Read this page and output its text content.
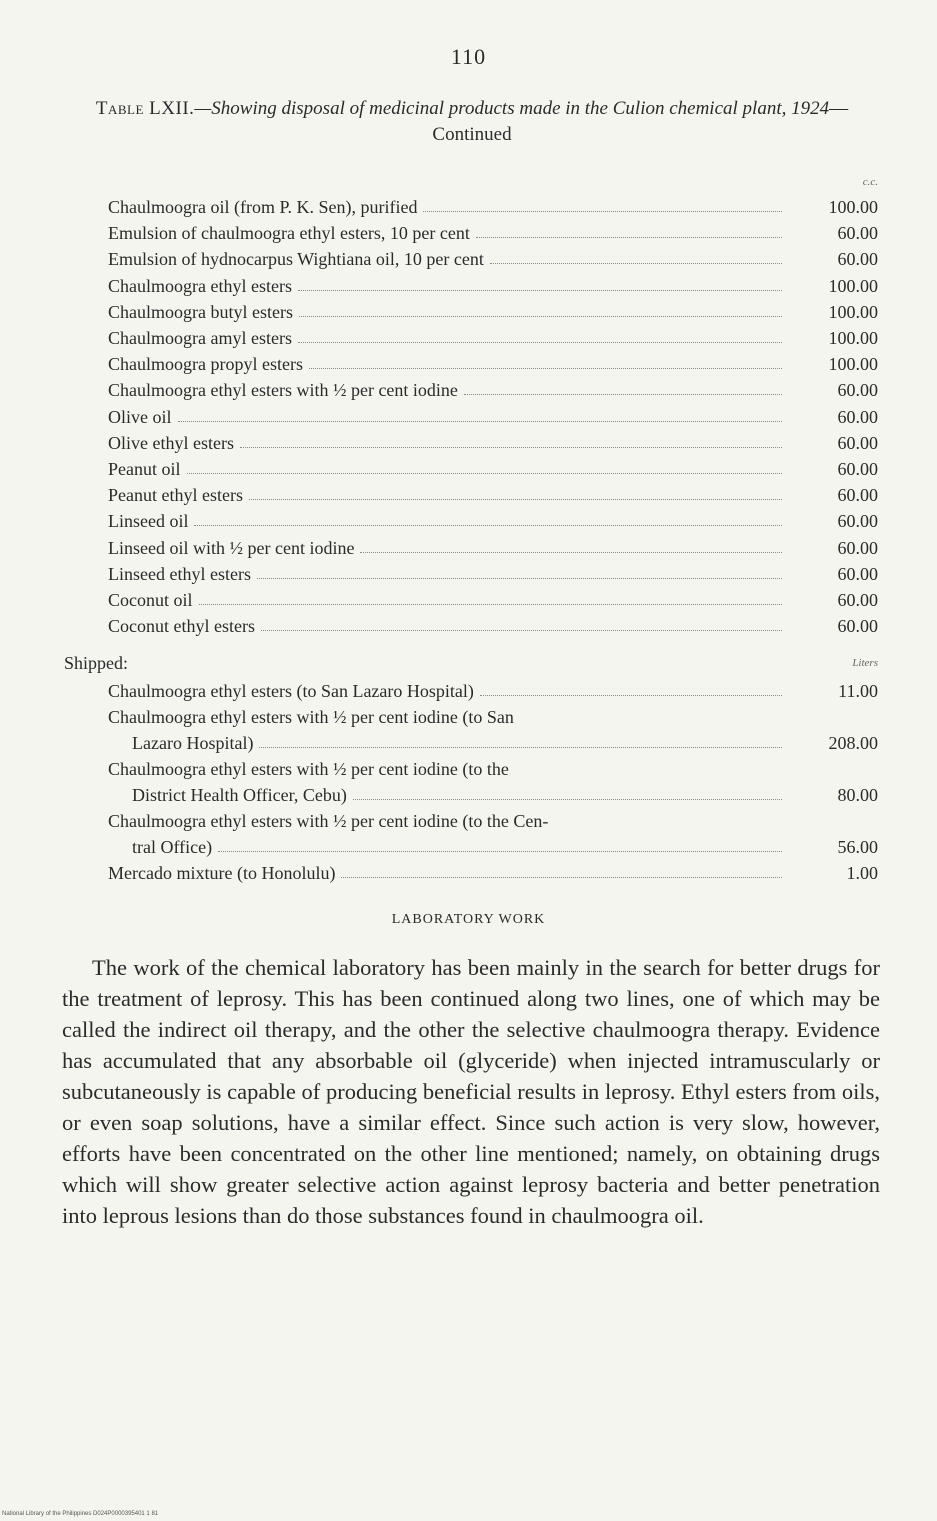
110
Table LXII.—Showing disposal of medicinal products made in the Culion chemical plant, 1924—Continued
c.c.
Chaulmoogra oil (from P. K. Sen), purified	100.00
Emulsion of chaulmoogra ethyl esters, 10 per cent	60.00
Emulsion of hydnocarpus Wightiana oil, 10 per cent	60.00
Chaulmoogra ethyl esters	100.00
Chaulmoogra butyl esters	100.00
Chaulmoogra amyl esters	100.00
Chaulmoogra propyl esters	100.00
Chaulmoogra ethyl esters with ½ per cent iodine	60.00
Olive oil	60.00
Olive ethyl esters	60.00
Peanut oil	60.00
Peanut ethyl esters	60.00
Linseed oil	60.00
Linseed oil with ½ per cent iodine	60.00
Linseed ethyl esters	60.00
Coconut oil	60.00
Coconut ethyl esters	60.00
Shipped:	Liters
Chaulmoogra ethyl esters (to San Lazaro Hospital)	11.00
Chaulmoogra ethyl esters with ½ per cent iodine (to San
Lazaro Hospital)	208.00
Chaulmoogra ethyl esters with ½ per cent iodine (to the
District Health Officer, Cebu)	80.00
Chaulmoogra ethyl esters with ½ per cent iodine (to the Cen-
tral Office)	56.00
Mercado mixture (to Honolulu)	1.00
LABORATORY WORK
The work of the chemical laboratory has been mainly in the search for better drugs for the treatment of leprosy. This has been continued along two lines, one of which may be called the indirect oil therapy, and the other the selective chaulmoogra therapy. Evidence has accumulated that any absorbable oil (glyceride) when injected intramuscularly or subcutaneously is capable of producing beneficial results in leprosy. Ethyl esters from oils, or even soap solutions, have a similar effect. Since such action is very slow, however, efforts have been concentrated on the other line mentioned; namely, on obtaining drugs which will show greater selective action against leprosy bacteria and better penetration into leprous lesions than do those substances found in chaulmoogra oil.
National Library of the Philippines D024P0000395401 1 81
